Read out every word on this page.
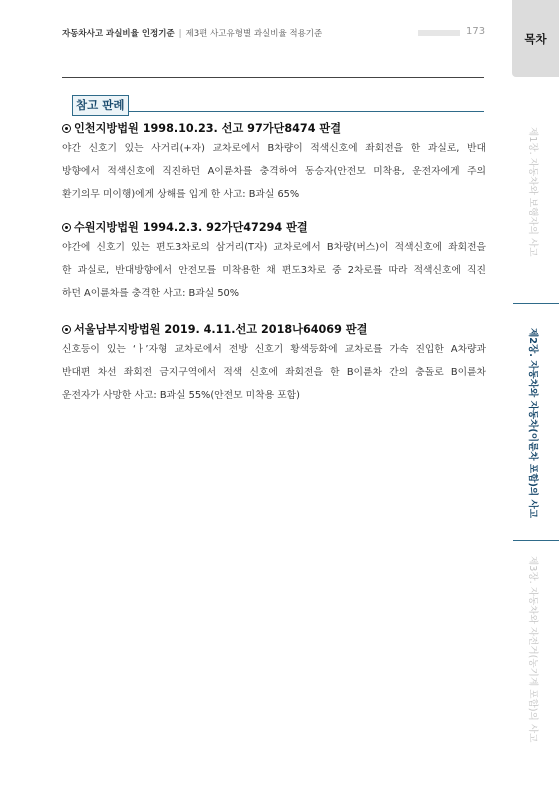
자동차사고 과실비율 인정기준 | 제3편 사고유형별 과실비율 적용기준	173
참고 판례
인천지방법원 1998.10.23. 선고 97가단8474 판결
야간 신호기 있는 사거리(+자) 교차로에서 B차량이 적색신호에 좌회전을 한 과실로, 반대
방향에서 적색신호에 직진하던 A이륜차를 충격하여 동승자(안전모 미착용, 운전자에게 주의
환기의무 미이행)에게 상해를 입게 한 사고: B과실 65%
수원지방법원 1994.2.3. 92가단47294 판결
야간에 신호기 있는 편도3차로의 삼거리(T자) 교차로에서 B차량(버스)이 적색신호에 좌회전을
한 과실로, 반대방향에서 안전모를 미착용한 채 편도3차로 중 2차로를 따라 적색신호에 직진
하던 A이륜차를 충격한 사고: B과실 50%
서울남부지방법원 2019. 4.11.선고 2018나64069 판결
신호등이 있는 ‘ㅏ’자형 교차로에서 전방 신호기 황색등화에 교차로를 가속 진입한 A차량과
반대편 차선 좌회전 금지구역에서 적색 신호에 좌회전을 한 B이륜차 간의 충돌로 B이륜차
운전자가 사망한 사고: B과실 55%(안전모 미착용 포함)
목차
제1장. 자동차와 보행자의 사고
제2장. 자동차와 자동차(이륜차 포함)의 사고
제3장. 자동차와 자전거(농기계 포함)의 사고
